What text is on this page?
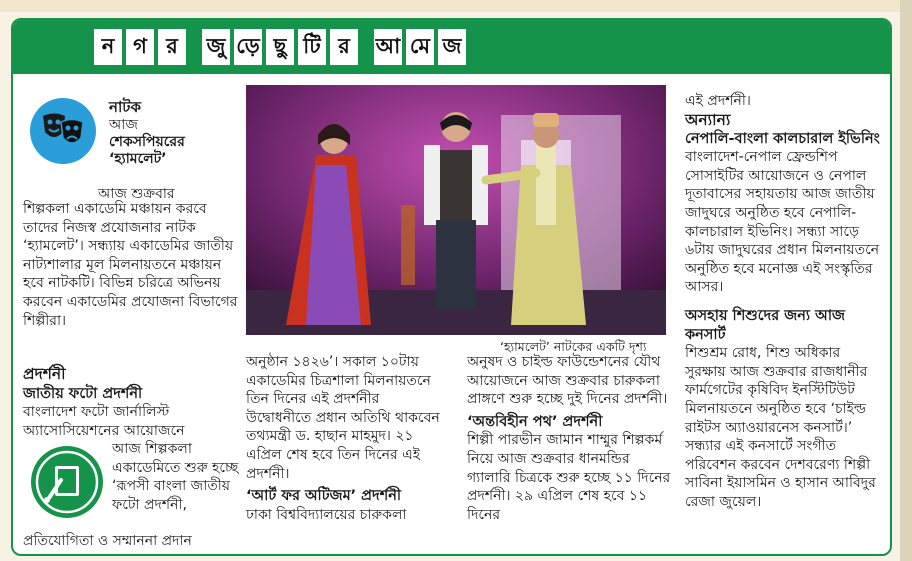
ন গ র	জু ড়ে ছু টি র	আ মে জ
নাটক
আজ
শেকসপিয়রের
‘হ্যামলেট’
আজ শুক্রবার
শিল্পকলা একাডেমি মঞ্চায়ন করবে তাদের নিজস্ব প্রযোজনার নাটক ‘হ্যামলেট’। সন্ধ্যায় একাডেমির জাতীয় নাট্যশালার মূল মিলনায়তনে মঞ্চায়ন হবে নাটকটি। বিভিন্ন চরিত্রে অভিনয় করবেন একাডেমির প্রযোজনা বিভাগের শিল্পীরা।
প্রদর্শনী
জাতীয় ফটো প্রদর্শনী
বাংলাদেশ ফটো জার্নালিস্ট অ্যাসোসিয়েশনের আয়োজনে
আজ শিল্পকলা একাডেমিতে শুরু হচ্ছে ‘রূপসী বাংলা জাতীয় ফটো প্রদর্শনী,
প্রতিযোগিতা ও সম্মাননা প্রদান
‘হ্যামলেট’ নাটকের একটি দৃশ্য

অনুষ্ঠান ১৪২৬’। সকাল ১০টায় একাডেমির চিত্রশালা মিলনায়তনে তিন দিনের এই প্রদর্শনীর উদ্বোধনীতে প্রধান অতিথি থাকবেন তথ্যমন্ত্রী ড. হাছান মাহমুদ। ২১ এপ্রিল শেষ হবে তিন দিনের এই প্রদর্শনী।

‘আর্ট ফর অটিজম’ প্রদর্শনী

ঢাকা বিশ্ববিদ্যালয়ের চারুকলা

অনুষদ ও চাইল্ড ফাউন্ডেশনের যৌথ আয়োজনে আজ শুক্রবার চারুকলা প্রাঙ্গণে শুরু হচ্ছে দুই দিনের প্রদর্শনী।

‘অন্তবিহীন পথ’ প্রদর্শনী

শিল্পী পারভীন জামান শাম্মুর শিল্পকর্ম নিয়ে আজ শুক্রবার ধানমন্ডির গ্যালারি চিত্রকে শুরু হচ্ছে ১১ দিনের প্রদর্শনী। ২৯ এপ্রিল শেষ হবে ১১ দিনের

এই প্রদর্শনী।

অন্যান্য

নেপালি-বাংলা কালচারাল ইভিনিং

বাংলাদেশ-নেপাল ফ্রেন্ডশিপ সোসাইটির আয়োজনে ও নেপাল দূতাবাসের সহায়তায় আজ জাতীয় জাদুঘরে অনুষ্ঠিত হবে নেপালি-কালচারাল ইভিনিং। সন্ধ্যা সাড়ে ৬টায় জাদুঘরের প্রধান মিলনায়তনে অনুষ্ঠিত হবে মনোজ্ঞ এই সংস্কৃতির আসর।

অসহায় শিশুদের জন্য আজ কনসার্ট

শিশুশ্রম রোধ, শিশু অধিকার সুরক্ষায় আজ শুক্রবার রাজধানীর ফার্মগেটের কৃষিবিদ ইনস্টিটিউট মিলনায়তনে অনুষ্ঠিত হবে ‘চাইল্ড রাইটস অ্যাওয়ারনেস কনসার্ট।’ সন্ধ্যার এই কনসার্টে সংগীত পরিবেশন করবেন দেশবরেণ্য শিল্পী সাবিনা ইয়াসমিন ও হাসান আবিদুর রেজা জুয়েল।
